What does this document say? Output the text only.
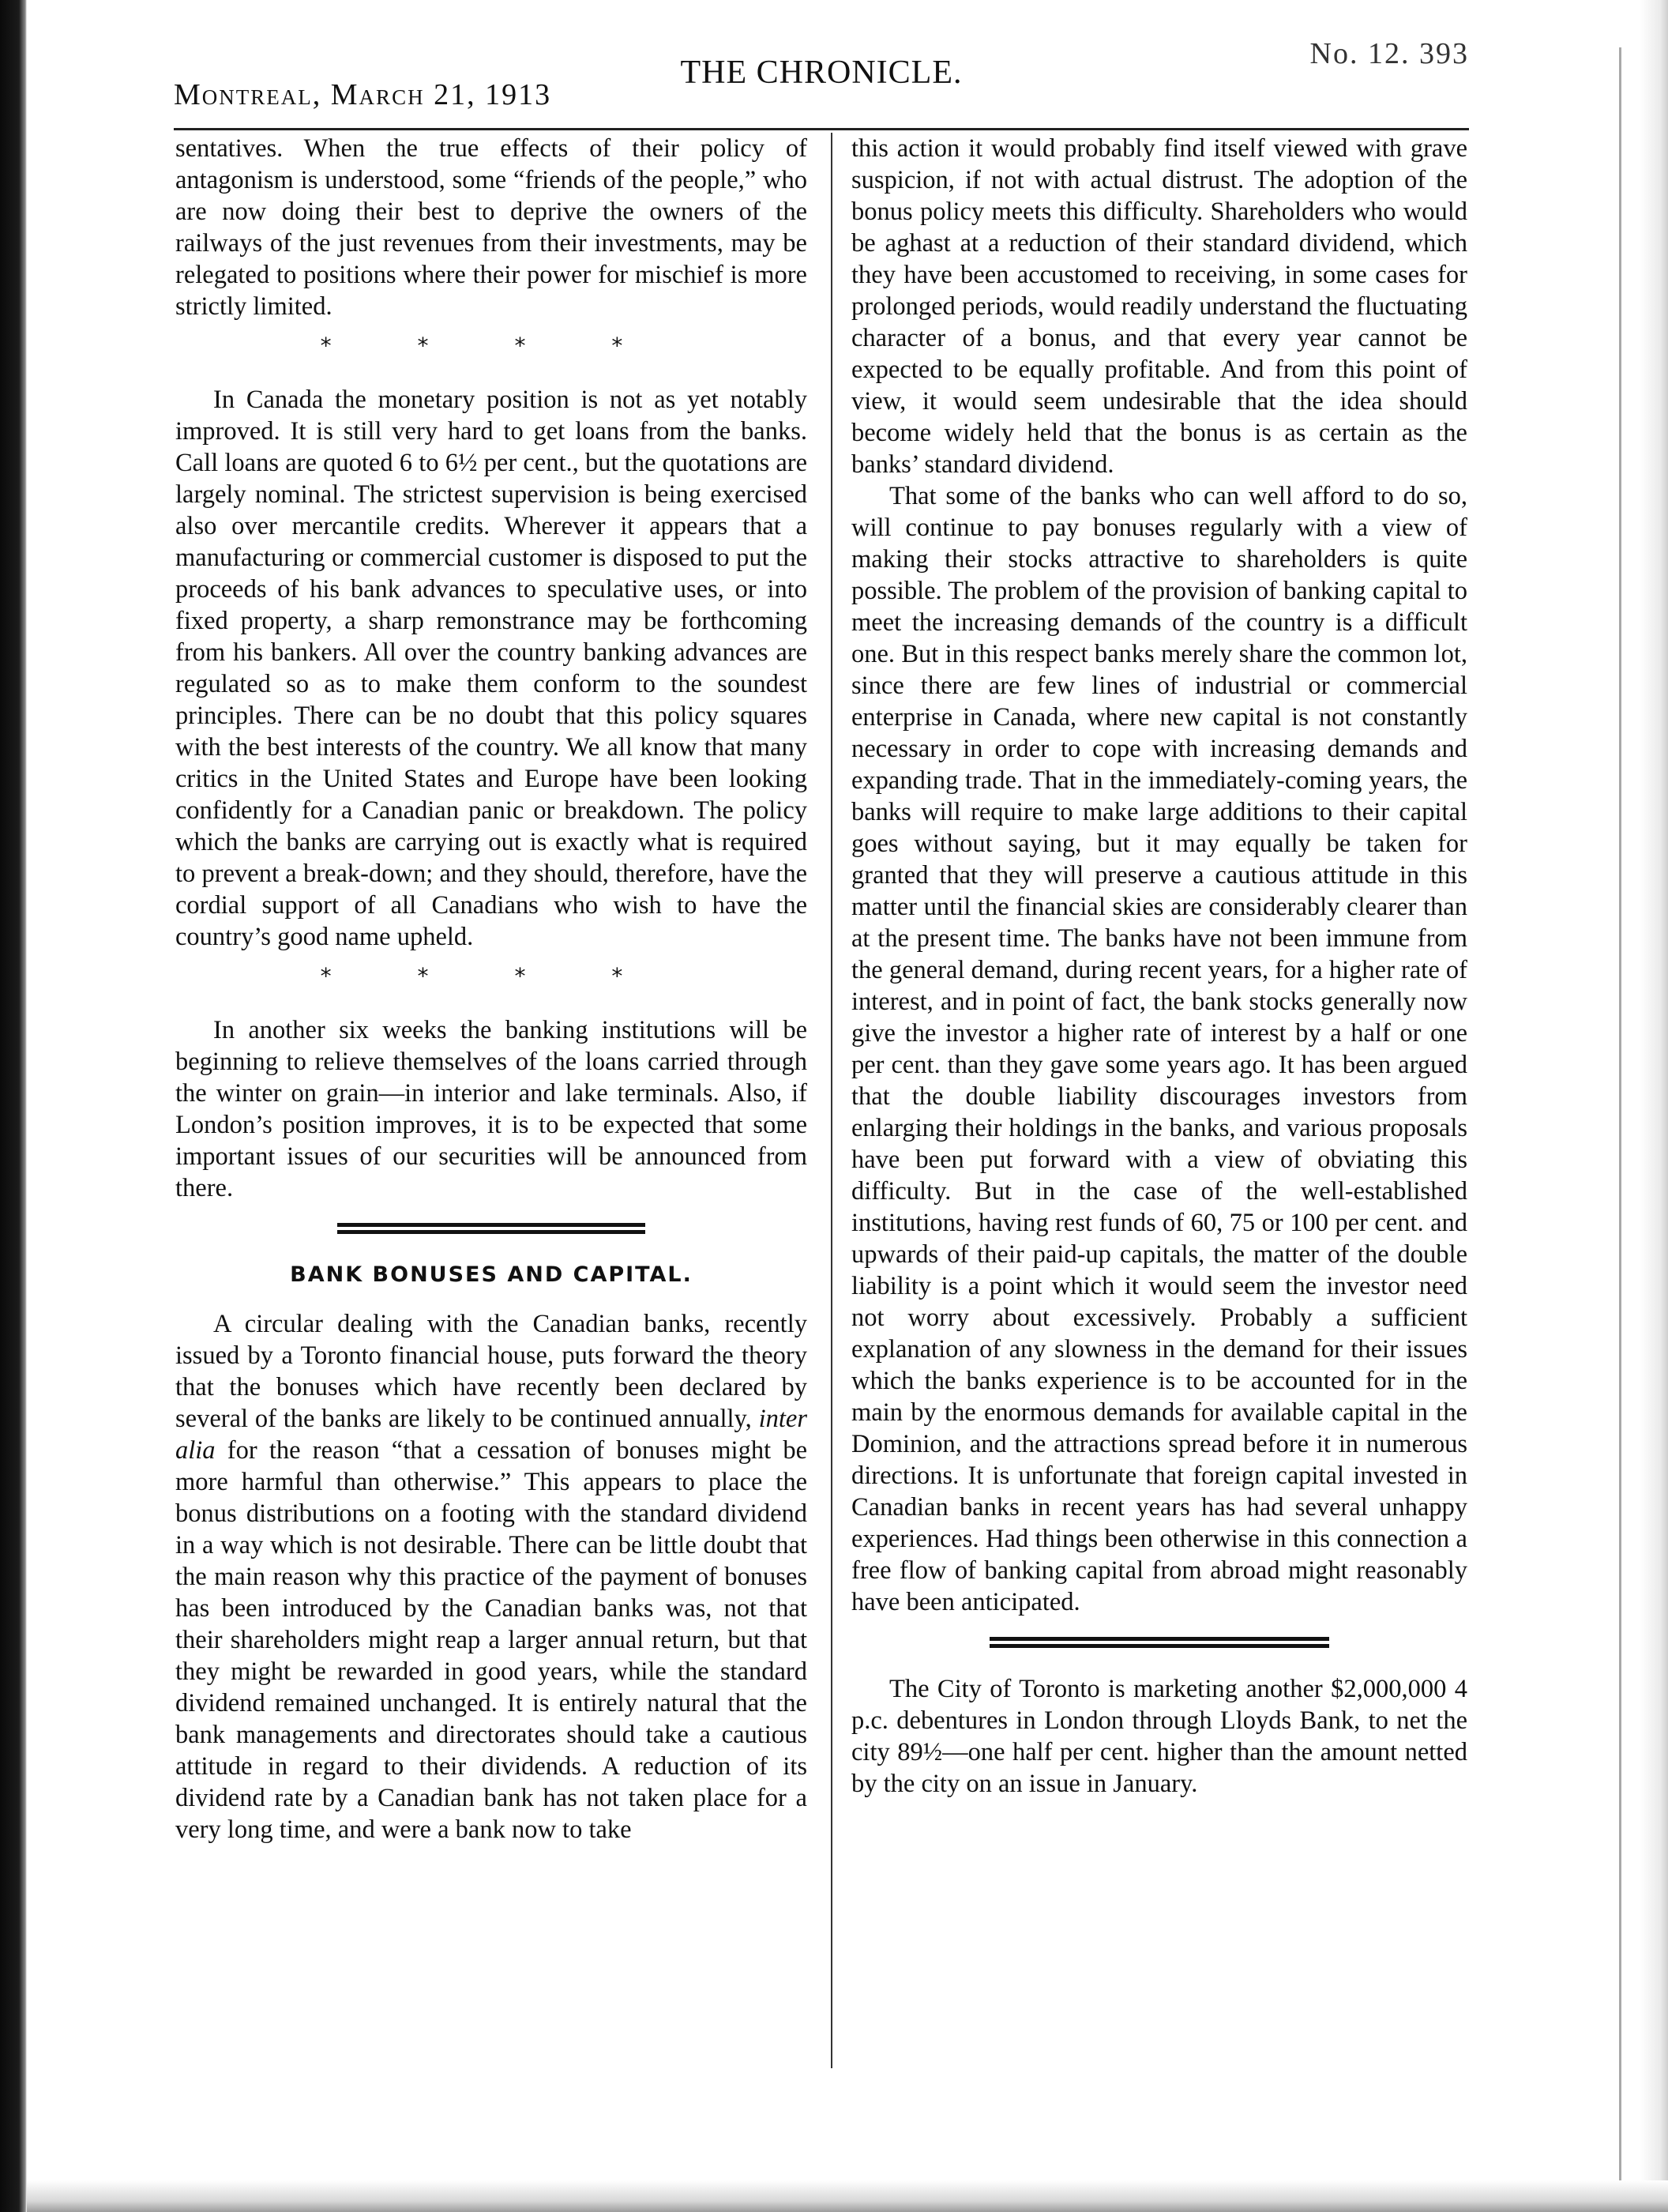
Montreal, March 21, 1913
THE CHRONICLE.
No. 12. 393

sentatives. When the true effects of their policy of antagonism is understood, some “friends of the people,” who are now doing their best to deprive the owners of the railways of the just revenues from their investments, may be relegated to positions where their power for mischief is more strictly limited.

* * * *

In Canada the monetary position is not as yet notably improved. It is still very hard to get loans from the banks. Call loans are quoted 6 to 6½ per cent., but the quotations are largely nominal. The strictest supervision is being exercised also over mercantile credits. Wherever it appears that a manufacturing or commercial customer is disposed to put the proceeds of his bank advances to speculative uses, or into fixed property, a sharp remonstrance may be forthcoming from his bankers. All over the country banking advances are regulated so as to make them conform to the soundest principles. There can be no doubt that this policy squares with the best interests of the country. We all know that many critics in the United States and Europe have been looking confidently for a Canadian panic or breakdown. The policy which the banks are carrying out is exactly what is required to prevent a break-down; and they should, therefore, have the cordial support of all Canadians who wish to have the country’s good name upheld.

* * * *

In another six weeks the banking institutions will be beginning to relieve themselves of the loans carried through the winter on grain—in interior and lake terminals. Also, if London’s position improves, it is to be expected that some important issues of our securities will be announced from there.

BANK BONUSES AND CAPITAL.

A circular dealing with the Canadian banks, recently issued by a Toronto financial house, puts forward the theory that the bonuses which have recently been declared by several of the banks are likely to be continued annually, inter alia for the reason “that a cessation of bonuses might be more harmful than otherwise.” This appears to place the bonus distributions on a footing with the standard dividend in a way which is not desirable. There can be little doubt that the main reason why this practice of the payment of bonuses has been introduced by the Canadian banks was, not that their shareholders might reap a larger annual return, but that they might be rewarded in good years, while the standard dividend remained unchanged. It is entirely natural that the bank managements and directorates should take a cautious attitude in regard to their dividends. A reduction of its dividend rate by a Canadian bank has not taken place for a very long time, and were a bank now to take

this action it would probably find itself viewed with grave suspicion, if not with actual distrust. The adoption of the bonus policy meets this difficulty. Shareholders who would be aghast at a reduction of their standard dividend, which they have been accustomed to receiving, in some cases for prolonged periods, would readily understand the fluctuating character of a bonus, and that every year cannot be expected to be equally profitable. And from this point of view, it would seem undesirable that the idea should become widely held that the bonus is as certain as the banks’ standard dividend.

That some of the banks who can well afford to do so, will continue to pay bonuses regularly with a view of making their stocks attractive to shareholders is quite possible. The problem of the provision of banking capital to meet the increasing demands of the country is a difficult one. But in this respect banks merely share the common lot, since there are few lines of industrial or commercial enterprise in Canada, where new capital is not constantly necessary in order to cope with increasing demands and expanding trade. That in the immediately-coming years, the banks will require to make large additions to their capital goes without saying, but it may equally be taken for granted that they will preserve a cautious attitude in this matter until the financial skies are considerably clearer than at the present time. The banks have not been immune from the general demand, during recent years, for a higher rate of interest, and in point of fact, the bank stocks generally now give the investor a higher rate of interest by a half or one per cent. than they gave some years ago. It has been argued that the double liability discourages investors from enlarging their holdings in the banks, and various proposals have been put forward with a view of obviating this difficulty. But in the case of the well-established institutions, having rest funds of 60, 75 or 100 per cent. and upwards of their paid-up capitals, the matter of the double liability is a point which it would seem the investor need not worry about excessively. Probably a sufficient explanation of any slowness in the demand for their issues which the banks experience is to be accounted for in the main by the enormous demands for available capital in the Dominion, and the attractions spread before it in numerous directions. It is unfortunate that foreign capital invested in Canadian banks in recent years has had several unhappy experiences. Had things been otherwise in this connection a free flow of banking capital from abroad might reasonably have been anticipated.

The City of Toronto is marketing another $2,000,000 4 p.c. debentures in London through Lloyds Bank, to net the city 89½—one half per cent. higher than the amount netted by the city on an issue in January.
